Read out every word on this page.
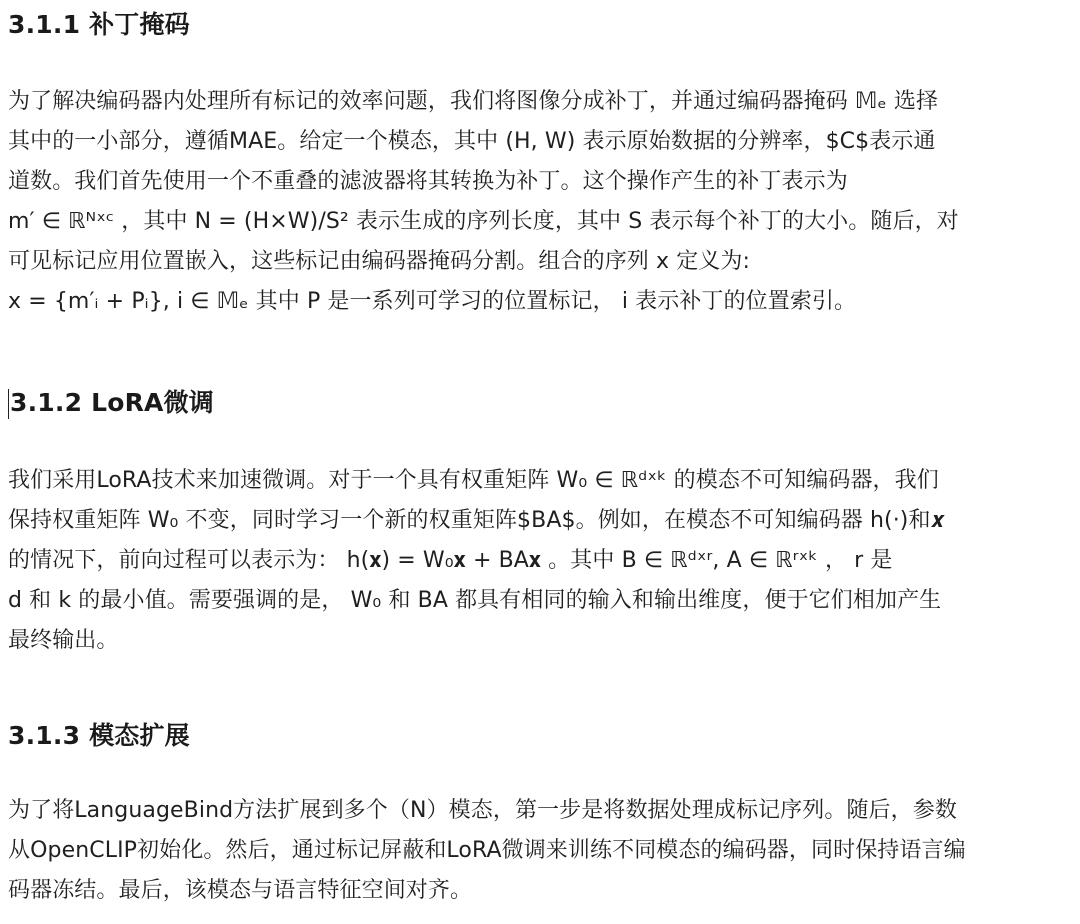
3.1.1 补丁掩码
为了解决编码器内处理所有标记的效率问题，我们将图像分成补丁，并通过编码器掩码 𝕄ₑ 选择
其中的一小部分，遵循MAE。给定一个模态，其中 (H, W) 表示原始数据的分辨率，$C$表示通
道数。我们首先使用一个不重叠的滤波器将其转换为补丁。这个操作产生的补丁表示为
m′ ∈ ℝᴺˣᶜ ，其中 N = (H×W)/S² 表示生成的序列长度，其中 S 表示每个补丁的大小。随后，对
可见标记应用位置嵌入，这些标记由编码器掩码分割。组合的序列 x 定义为:
x = {m′ᵢ + Pᵢ}, i ∈ 𝕄ₑ 其中 P 是一系列可学习的位置标记， i 表示补丁的位置索引。
3.1.2 LoRA微调
我们采用LoRA技术来加速微调。对于一个具有权重矩阵 W₀ ∈ ℝᵈˣᵏ 的模态不可知编码器，我们
保持权重矩阵 W₀ 不变，同时学习一个新的权重矩阵$BA$。例如，在模态不可知编码器 h(·)和𝒙
的情况下，前向过程可以表示为： h(𝐱) = W₀𝐱 + BA𝐱 。其中 B ∈ ℝᵈˣʳ, A ∈ ℝʳˣᵏ ， r 是
d 和 k 的最小值。需要强调的是， W₀ 和 BA 都具有相同的输入和输出维度，便于它们相加产生
最终输出。
3.1.3 模态扩展
为了将LanguageBind方法扩展到多个（N）模态，第一步是将数据处理成标记序列。随后，参数
从OpenCLIP初始化。然后，通过标记屏蔽和LoRA微调来训练不同模态的编码器，同时保持语言编
码器冻结。最后，该模态与语言特征空间对齐。
